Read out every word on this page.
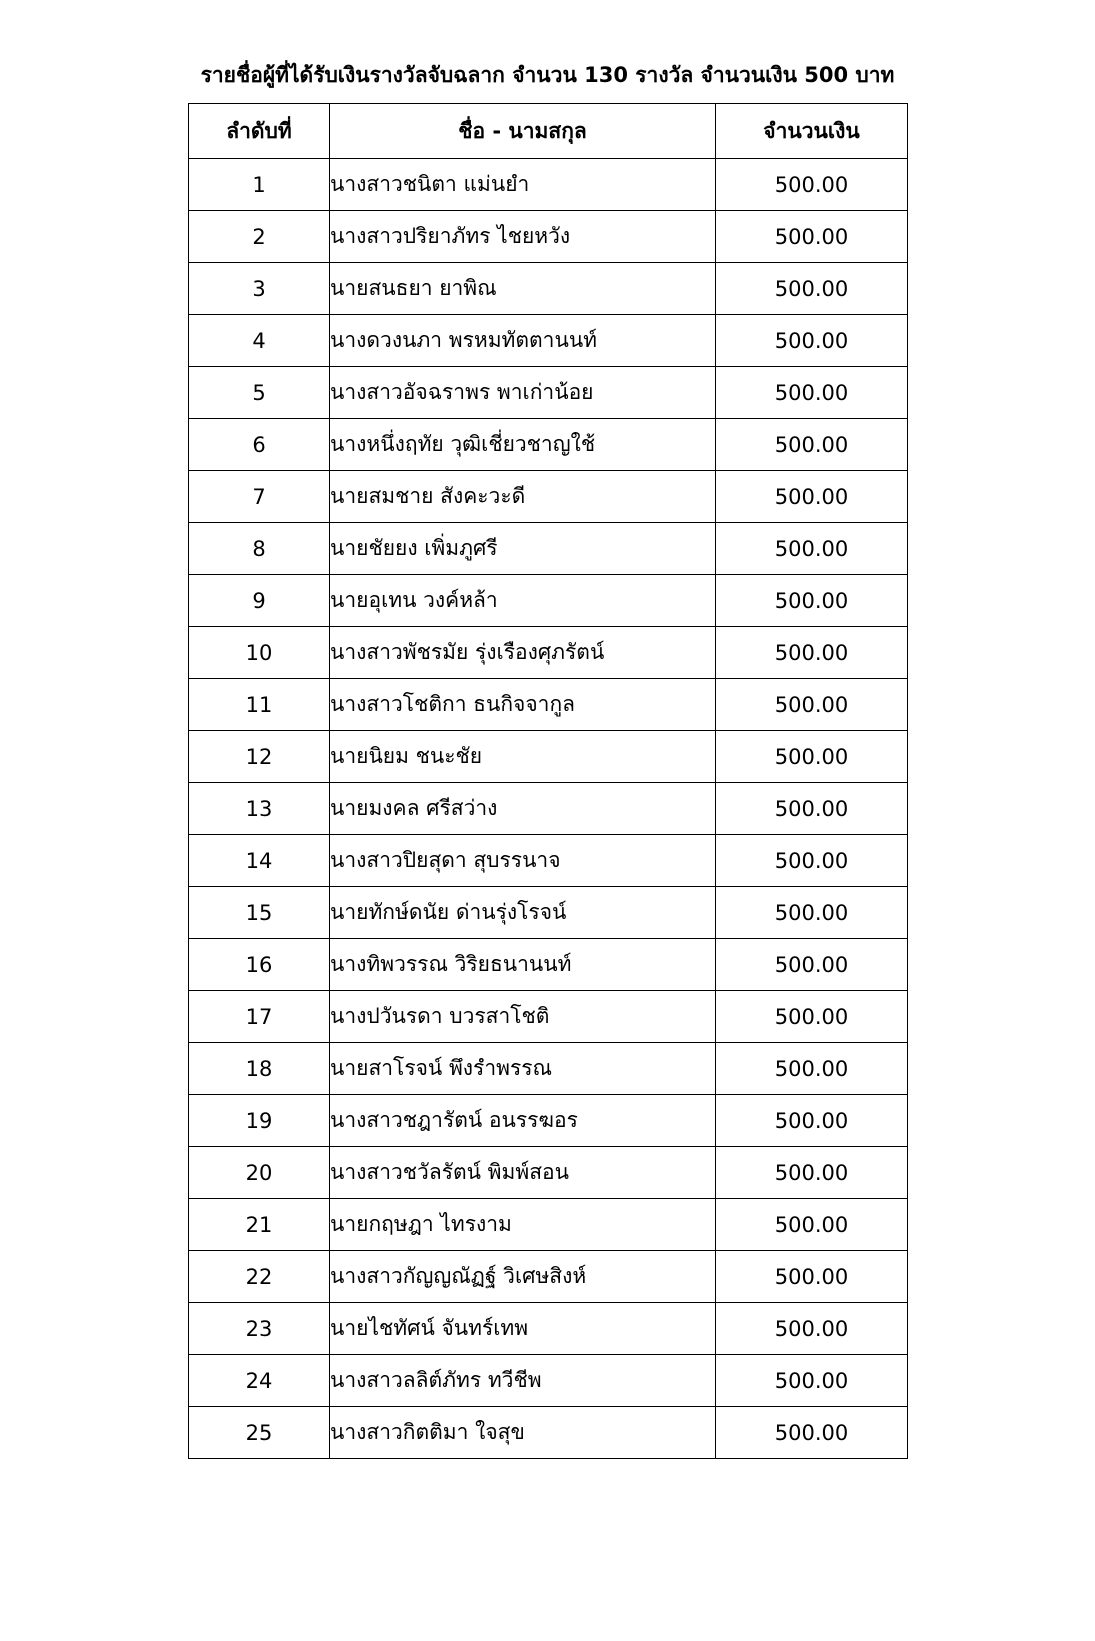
รายชื่อผู้ที่ได้รับเงินรางวัลจับฉลาก จำนวน 130 รางวัล จำนวนเงิน 500 บาท
ลำดับที่	ชื่อ - นามสกุล	จำนวนเงิน
1	นางสาวชนิตา แม่นยำ	500.00
2	นางสาวปริยาภัทร ไชยหวัง	500.00
3	นายสนธยา ยาพิณ	500.00
4	นางดวงนภา พรหมทัตตานนท์	500.00
5	นางสาวอัจฉราพร พาเก่าน้อย	500.00
6	นางหนึ่งฤทัย วุฒิเชี่ยวชาญใช้	500.00
7	นายสมชาย สังคะวะดี	500.00
8	นายชัยยง เพิ่มภูศรี	500.00
9	นายอุเทน วงค์หล้า	500.00
10	นางสาวพัชรมัย รุ่งเรืองศุภรัตน์	500.00
11	นางสาวโชติกา ธนกิจจากูล	500.00
12	นายนิยม ชนะชัย	500.00
13	นายมงคล ศรีสว่าง	500.00
14	นางสาวปิยสุดา สุบรรนาจ	500.00
15	นายทักษ์ดนัย ด่านรุ่งโรจน์	500.00
16	นางทิพวรรณ วิริยธนานนท์	500.00
17	นางปวันรดา บวรสาโชติ	500.00
18	นายสาโรจน์ พึงรำพรรณ	500.00
19	นางสาวชฎารัตน์ อนรรฆอร	500.00
20	นางสาวชวัลรัตน์ พิมพ์สอน	500.00
21	นายกฤษฎา ไทรงาม	500.00
22	นางสาวกัญญณัฏฐ์ วิเศษสิงห์	500.00
23	นายไชทัศน์ จันทร์เทพ	500.00
24	นางสาวลลิต์ภัทร ทวีชีพ	500.00
25	นางสาวกิตติมา ใจสุข	500.00
